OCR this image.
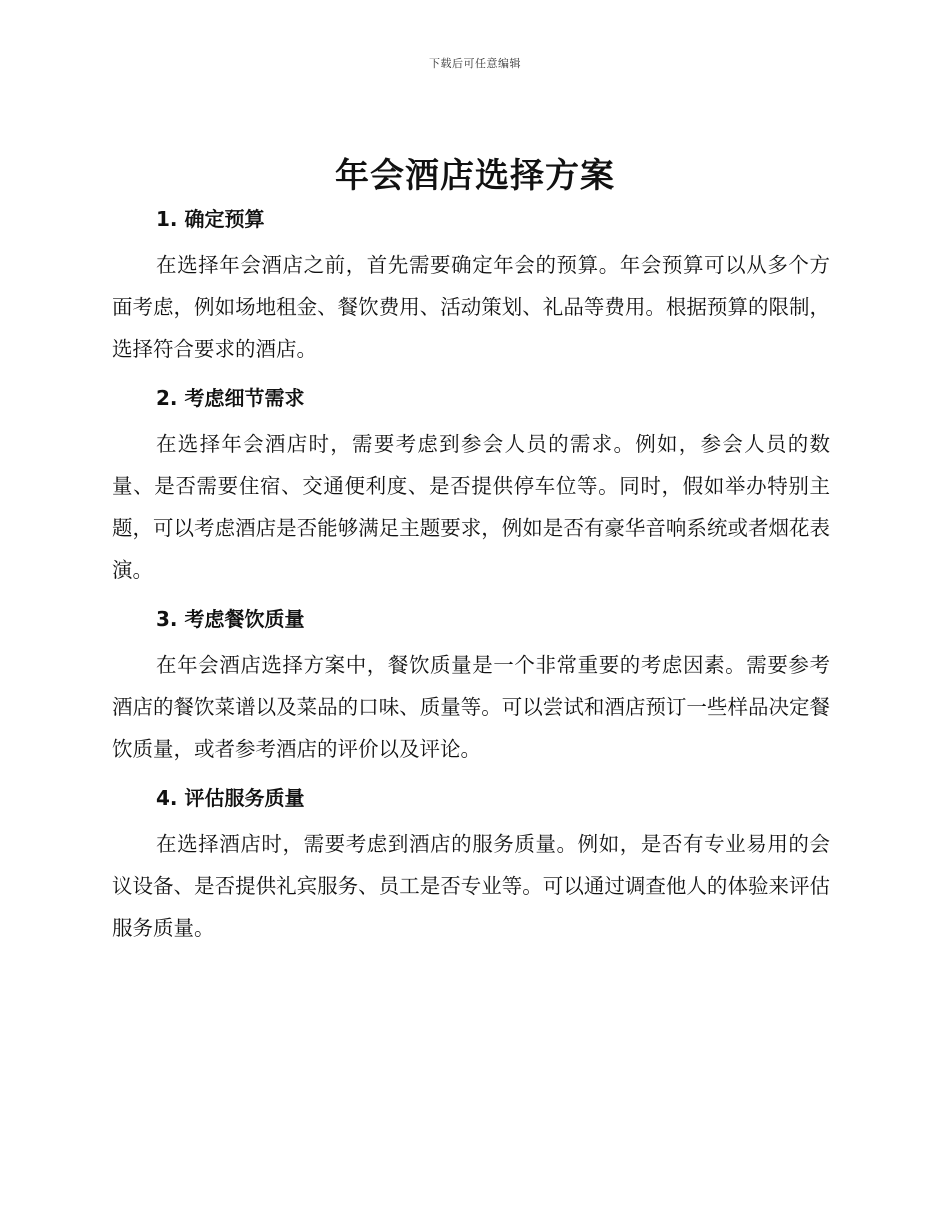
下载后可任意编辑
年会酒店选择方案
1. 确定预算

在选择年会酒店之前，首先需要确定年会的预算。年会预算可以从多个方面考虑，例如场地租金、餐饮费用、活动策划、礼品等费用。根据预算的限制，选择符合要求的酒店。

2. 考虑细节需求

在选择年会酒店时，需要考虑到参会人员的需求。例如，参会人员的数量、是否需要住宿、交通便利度、是否提供停车位等。同时，假如举办特别主题，可以考虑酒店是否能够满足主题要求，例如是否有豪华音响系统或者烟花表演。

3. 考虑餐饮质量

在年会酒店选择方案中，餐饮质量是一个非常重要的考虑因素。需要参考酒店的餐饮菜谱以及菜品的口味、质量等。可以尝试和酒店预订一些样品决定餐饮质量，或者参考酒店的评价以及评论。

4. 评估服务质量

在选择酒店时，需要考虑到酒店的服务质量。例如，是否有专业易用的会议设备、是否提供礼宾服务、员工是否专业等。可以通过调查他人的体验来评估服务质量。
